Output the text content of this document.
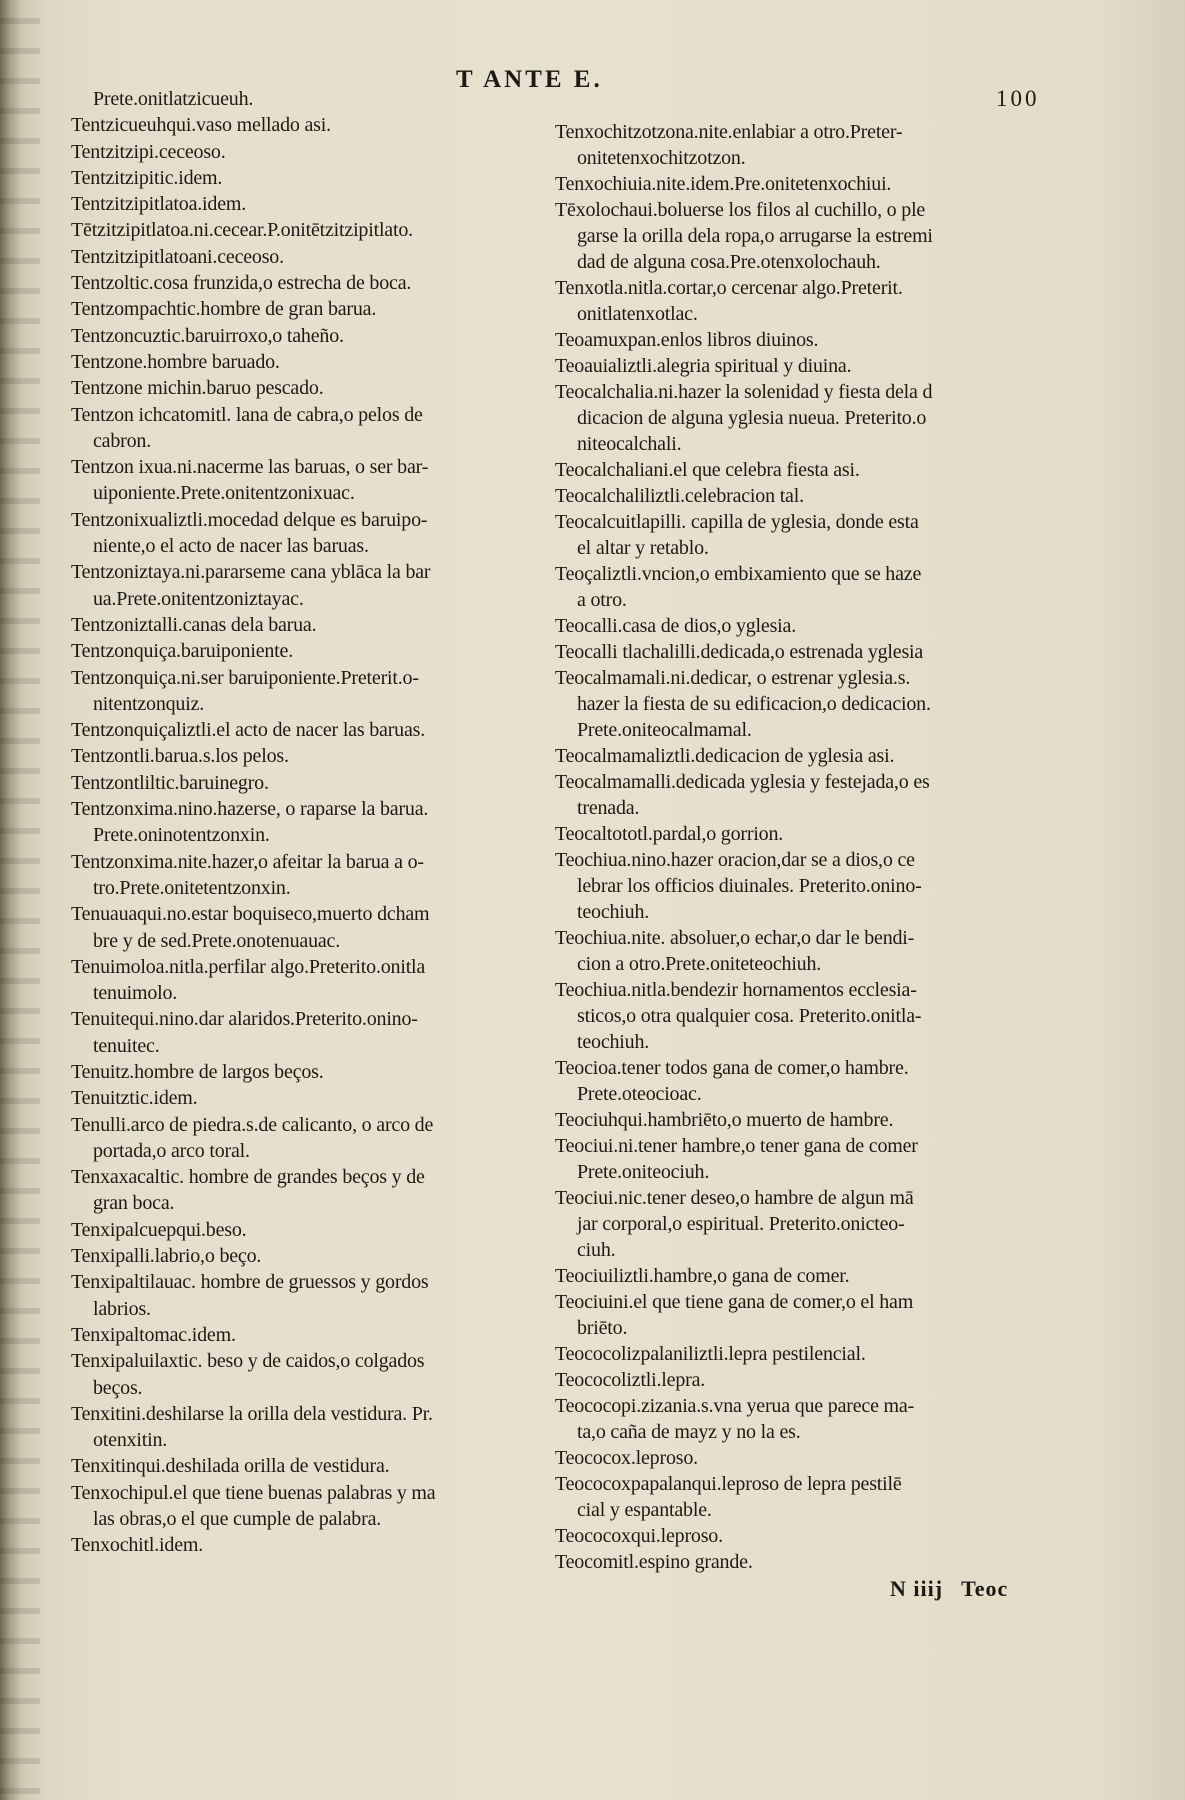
T ANTE E.
100
Prete.onitlatzicueuh.
Tentzicueuhqui.vaso mellado asi.
Tentzitzipi.ceceoso.
Tentzitzipitic.idem.
Tentzitzipitlatoa.idem.
Tētzitzipitlatoa.ni.cecear.P.onitētzitzipitlato.
Tentzitzipitlatoani.ceceoso.
Tentzoltic.cosa frunzida,o estrecha de boca.
Tentzompachtic.hombre de gran barua.
Tentzoncuztic.baruirroxo,o taheño.
Tentzone.hombre baruado.
Tentzone michin.baruo pescado.
Tentzon ichcatomitl. lana de cabra,o pelos de
cabron.
Tentzon ixua.ni.nacerme las baruas, o ser bar-
uiponiente.Prete.onitentzonixuac.
Tentzonixualiztli.mocedad delque es baruipo-
niente,o el acto de nacer las baruas.
Tentzoniztaya.ni.pararseme cana yblāca la bar
ua.Prete.onitentzoniztayac.
Tentzoniztalli.canas dela barua.
Tentzonquiça.baruiponiente.
Tentzonquiça.ni.ser baruiponiente.Preterit.o-
nitentzonquiz.
Tentzonquiçaliztli.el acto de nacer las baruas.
Tentzontli.barua.s.los pelos.
Tentzontliltic.baruinegro.
Tentzonxima.nino.hazerse, o raparse la barua.
Prete.oninotentzonxin.
Tentzonxima.nite.hazer,o afeitar la barua a o-
tro.Prete.onitetentzonxin.
Tenuauaqui.no.estar boquiseco,muerto dcham
bre y de sed.Prete.onotenuauac.
Tenuimoloa.nitla.perfilar algo.Preterito.onitla
tenuimolo.
Tenuitequi.nino.dar alaridos.Preterito.onino-
tenuitec.
Tenuitz.hombre de largos beços.
Tenuitztic.idem.
Tenulli.arco de piedra.s.de calicanto, o arco de
portada,o arco toral.
Tenxaxacaltic. hombre de grandes beços y de
gran boca.
Tenxipalcuepqui.beso.
Tenxipalli.labrio,o beço.
Tenxipaltilauac. hombre de gruessos y gordos
labrios.
Tenxipaltomac.idem.
Tenxipaluilaxtic. beso y de caidos,o colgados
beços.
Tenxitini.deshilarse la orilla dela vestidura. Pr.
otenxitin.
Tenxitinqui.deshilada orilla de vestidura.
Tenxochipul.el que tiene buenas palabras y ma
las obras,o el que cumple de palabra.
Tenxochitl.idem.
Tenxochitzotzona.nite.enlabiar a otro.Preter-
onitetenxochitzotzon.
Tenxochiuia.nite.idem.Pre.onitetenxochiui.
Tēxolochaui.boluerse los filos al cuchillo, o ple
garse la orilla dela ropa,o arrugarse la estremi
dad de alguna cosa.Pre.otenxolochauh.
Tenxotla.nitla.cortar,o cercenar algo.Preterit.
onitlatenxotlac.
Teoamuxpan.enlos libros diuinos.
Teoauializtli.alegria spiritual y diuina.
Teocalchalia.ni.hazer la solenidad y fiesta dela d
dicacion de alguna yglesia nueua. Preterito.o
niteocalchali.
Teocalchaliani.el que celebra fiesta asi.
Teocalchaliliztli.celebracion tal.
Teocalcuitlapilli. capilla de yglesia, donde esta
el altar y retablo.
Teoçaliztli.vncion,o embixamiento que se haze
a otro.
Teocalli.casa de dios,o yglesia.
Teocalli tlachalilli.dedicada,o estrenada yglesia
Teocalmamali.ni.dedicar, o estrenar yglesia.s.
hazer la fiesta de su edificacion,o dedicacion.
Prete.oniteocalmamal.
Teocalmamaliztli.dedicacion de yglesia asi.
Teocalmamalli.dedicada yglesia y festejada,o es
trenada.
Teocaltototl.pardal,o gorrion.
Teochiua.nino.hazer oracion,dar se a dios,o ce
lebrar los officios diuinales. Preterito.onino-
teochiuh.
Teochiua.nite. absoluer,o echar,o dar le bendi-
cion a otro.Prete.oniteteochiuh.
Teochiua.nitla.bendezir hornamentos ecclesia-
sticos,o otra qualquier cosa. Preterito.onitla-
teochiuh.
Teocioa.tener todos gana de comer,o hambre.
Prete.oteocioac.
Teociuhqui.hambriēto,o muerto de hambre.
Teociui.ni.tener hambre,o tener gana de comer
Prete.oniteociuh.
Teociui.nic.tener deseo,o hambre de algun mā
jar corporal,o espiritual. Preterito.onicteo-
ciuh.
Teociuiliztli.hambre,o gana de comer.
Teociuini.el que tiene gana de comer,o el ham
briēto.
Teococolizpalaniliztli.lepra pestilencial.
Teococoliztli.lepra.
Teococopi.zizania.s.vna yerua que parece ma-
ta,o caña de mayz y no la es.
Teococox.leproso.
Teococoxpapalanqui.leproso de lepra pestilē
cial y espantable.
Teococoxqui.leproso.
Teocomitl.espino grande.
N iiij Teoc
